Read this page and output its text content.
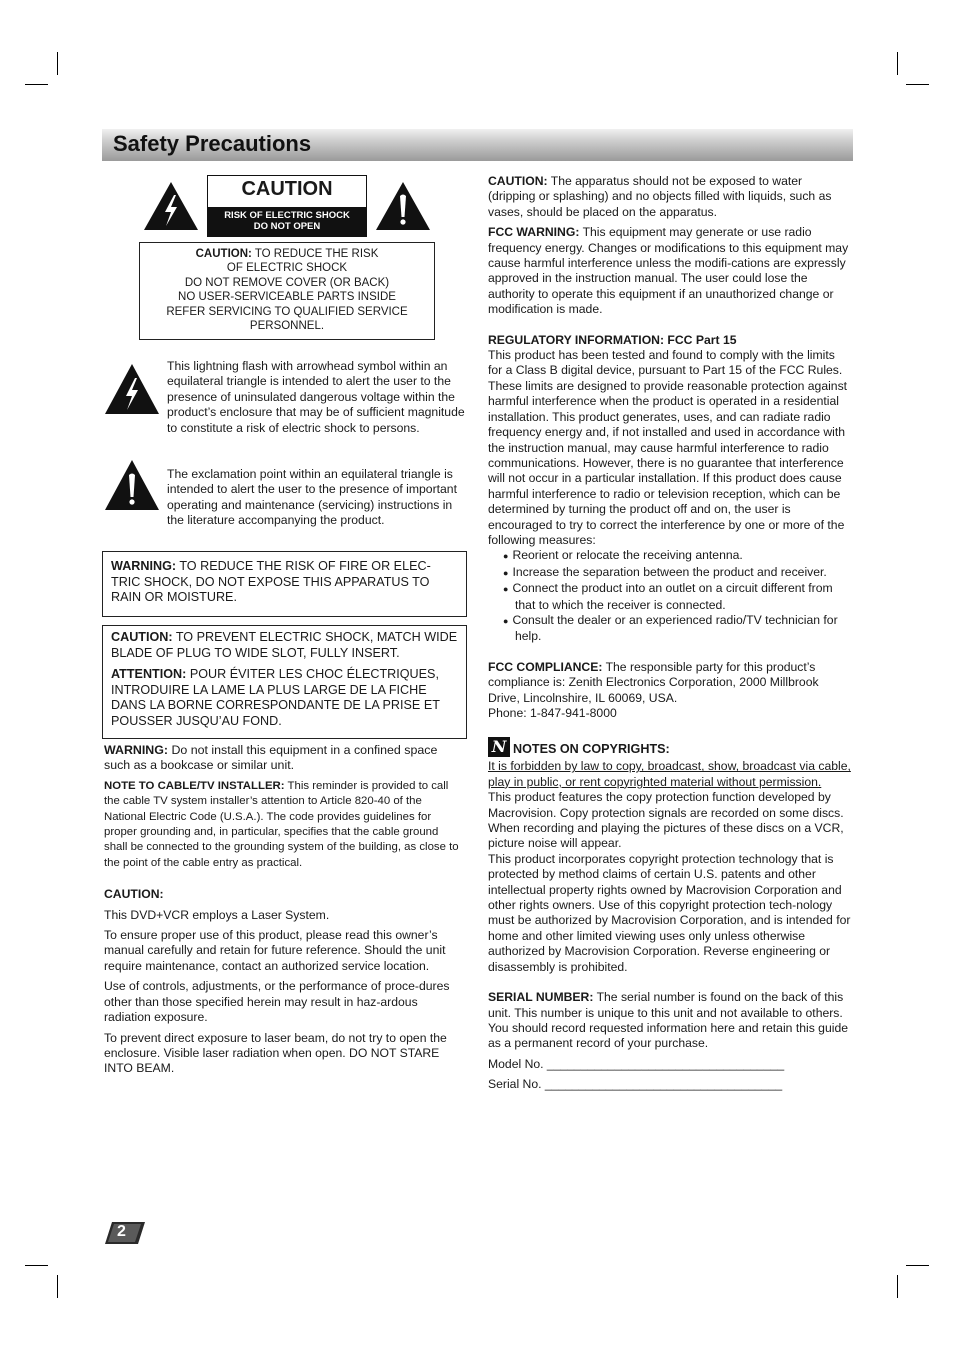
Safety Precautions
CAUTION
RISK OF ELECTRIC SHOCK
DO NOT OPEN
CAUTION: TO REDUCE THE RISK
OF ELECTRIC SHOCK
DO NOT REMOVE COVER (OR BACK)
NO USER-SERVICEABLE PARTS INSIDE
REFER SERVICING TO QUALIFIED SERVICE
PERSONNEL.

This lightning flash with arrowhead symbol within an equilateral triangle is intended to alert the user to the presence of uninsulated dangerous voltage within the product’s enclosure that may be of sufficient magnitude to constitute a risk of electric shock to persons.

The exclamation point within an equilateral triangle is intended to alert the user to the presence of important operating and maintenance (servicing) instructions in the literature accompanying the product.

WARNING: TO REDUCE THE RISK OF FIRE OR ELEC-TRIC SHOCK, DO NOT EXPOSE THIS APPARATUS TO RAIN OR MOISTURE.
CAUTION: TO PREVENT ELECTRIC SHOCK, MATCH WIDE BLADE OF PLUG TO WIDE SLOT, FULLY INSERT.
ATTENTION: POUR ÉVITER LES CHOC ÉLECTRIQUES, INTRODUIRE LA LAME LA PLUS LARGE DE LA FICHE DANS LA BORNE CORRESPONDANTE DE LA PRISE ET POUSSER JUSQU’AU FOND.

WARNING: Do not install this equipment in a confined space such as a bookcase or similar unit.

NOTE TO CABLE/TV INSTALLER: This reminder is provided to call the cable TV system installer’s attention to Article 820-40 of the National Electric Code (U.S.A.). The code provides guidelines for proper grounding and, in particular, specifies that the cable ground shall be connected to the grounding system of the building, as close to the point of the cable entry as practical.

CAUTION:

This DVD+VCR employs a Laser System.

To ensure proper use of this product, please read this owner’s manual carefully and retain for future reference. Should the unit require maintenance, contact an authorized service location.

Use of controls, adjustments, or the performance of proce-dures other than those specified herein may result in haz-ardous radiation exposure.

To prevent direct exposure to laser beam, do not try to open the enclosure. Visible laser radiation when open. DO NOT STARE INTO BEAM.

CAUTION: The apparatus should not be exposed to water (dripping or splashing) and no objects filled with liquids, such as vases, should be placed on the apparatus.

FCC WARNING: This equipment may generate or use radio frequency energy. Changes or modifications to this equipment may cause harmful interference unless the modifi-cations are expressly approved in the instruction manual. The user could lose the authority to operate this equipment if an unauthorized change or modification is made.

REGULATORY INFORMATION: FCC Part 15

This product has been tested and found to comply with the limits for a Class B digital device, pursuant to Part 15 of the FCC Rules. These limits are designed to provide reasonable protection against harmful interference when the product is operated in a residential installation. This product generates, uses, and can radiate radio frequency energy and, if not installed and used in accordance with the instruction manual, may cause harmful interference to radio communications. However, there is no guarantee that interference will not occur in a particular installation. If this product does cause harmful interference to radio or television reception, which can be determined by turning the product off and on, the user is encouraged to try to correct the interference by one or more of the following measures:

● Reorient or relocate the receiving antenna.
● Increase the separation between the product and receiver.
● Connect the product into an outlet on a circuit different from that to which the receiver is connected.
● Consult the dealer or an experienced radio/TV technician for help.

FCC COMPLIANCE: The responsible party for this product’s compliance is: Zenith Electronics Corporation, 2000 Millbrook Drive, Lincolnshire, IL 60069, USA.

Phone: 1-847-941-8000

N NOTES ON COPYRIGHTS:

It is forbidden by law to copy, broadcast, show, broadcast via cable, play in public, or rent copyrighted material without permission.

This product features the copy protection function developed by Macrovision. Copy protection signals are recorded on some discs. When recording and playing the pictures of these discs on a VCR, picture noise will appear.

This product incorporates copyright protection technology that is protected by method claims of certain U.S. patents and other intellectual property rights owned by Macrovision Corporation and other rights owners. Use of this copyright protection tech-nology must be authorized by Macrovision Corporation, and is intended for home and other limited viewing uses only unless otherwise authorized by Macrovision Corporation. Reverse engineering or disassembly is prohibited.

SERIAL NUMBER: The serial number is found on the back of this unit. This number is unique to this unit and not available to others. You should record requested information here and retain this guide as a permanent record of your purchase.

Model No. ___________________________________

Serial No. ___________________________________

2
